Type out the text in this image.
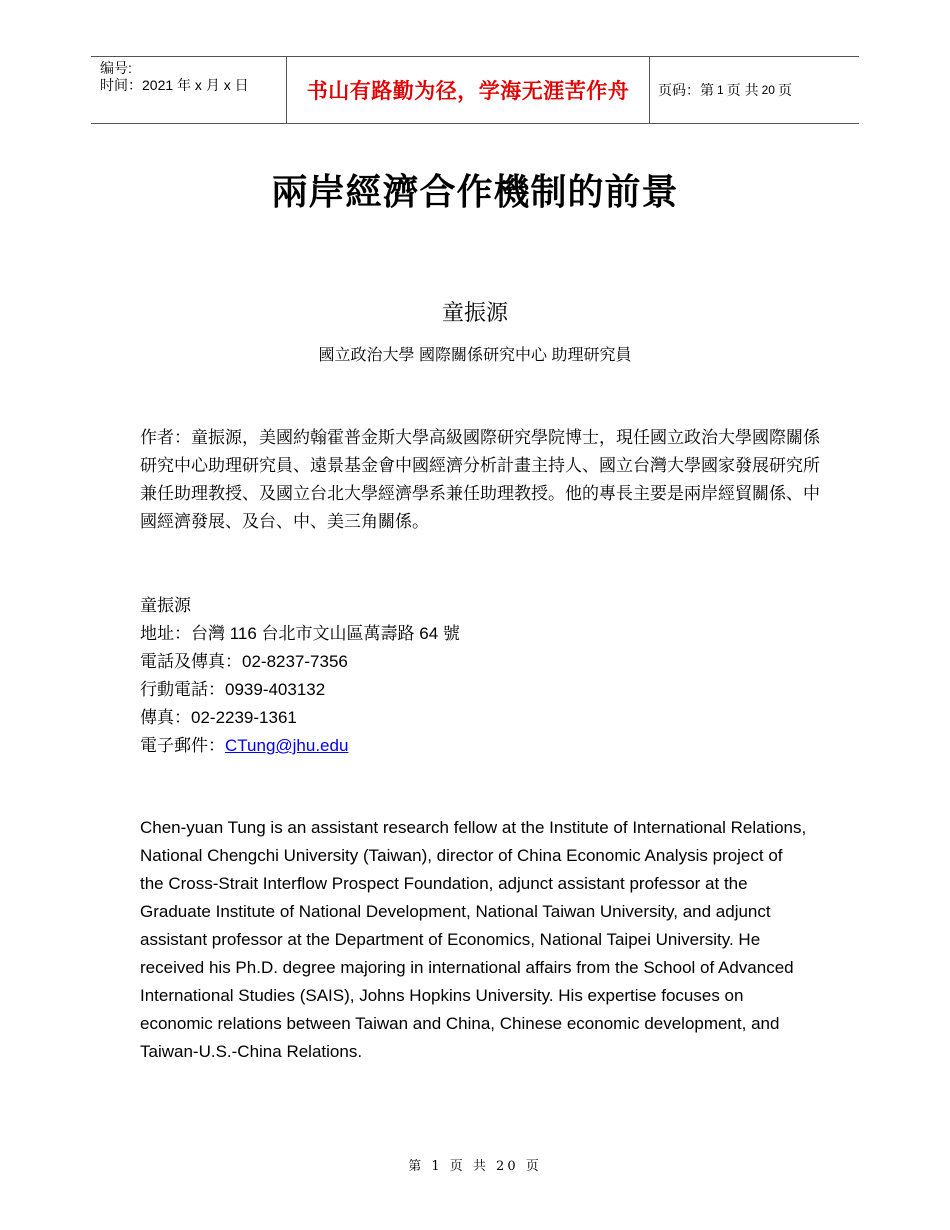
编号:
时间：2021 年 x 月 x 日	书山有路勤为径，学海无涯苦作舟 页码：第 1 页 共 20 页
兩岸經濟合作機制的前景
童振源
國立政治大學 國際關係研究中心 助理研究員

作者：童振源，美國約翰霍普金斯大學高級國際研究學院博士，現任國立政治大學國際關係研究中心助理研究員、遠景基金會中國經濟分析計畫主持人、國立台灣大學國家發展研究所兼任助理教授、及國立台北大學經濟學系兼任助理教授。他的專長主要是兩岸經貿關係、中國經濟發展、及台、中、美三角關係。

童振源
地址：台灣 116 台北市文山區萬壽路 64 號
電話及傳真：02-8237-7356
行動電話：0939-403132
傳真：02-2239-1361
電子郵件：CTung@jhu.edu

Chen-yuan Tung is an assistant research fellow at the Institute of International Relations, National Chengchi University (Taiwan), director of China Economic Analysis project of the Cross-Strait Interflow Prospect Foundation, adjunct assistant professor at the Graduate Institute of National Development, National Taiwan University, and adjunct assistant professor at the Department of Economics, National Taipei University. He received his Ph.D. degree majoring in international affairs from the School of Advanced International Studies (SAIS), Johns Hopkins University. His expertise focuses on economic relations between Taiwan and China, Chinese economic development, and Taiwan-U.S.-China Relations.

第 1 页 共 20 页
